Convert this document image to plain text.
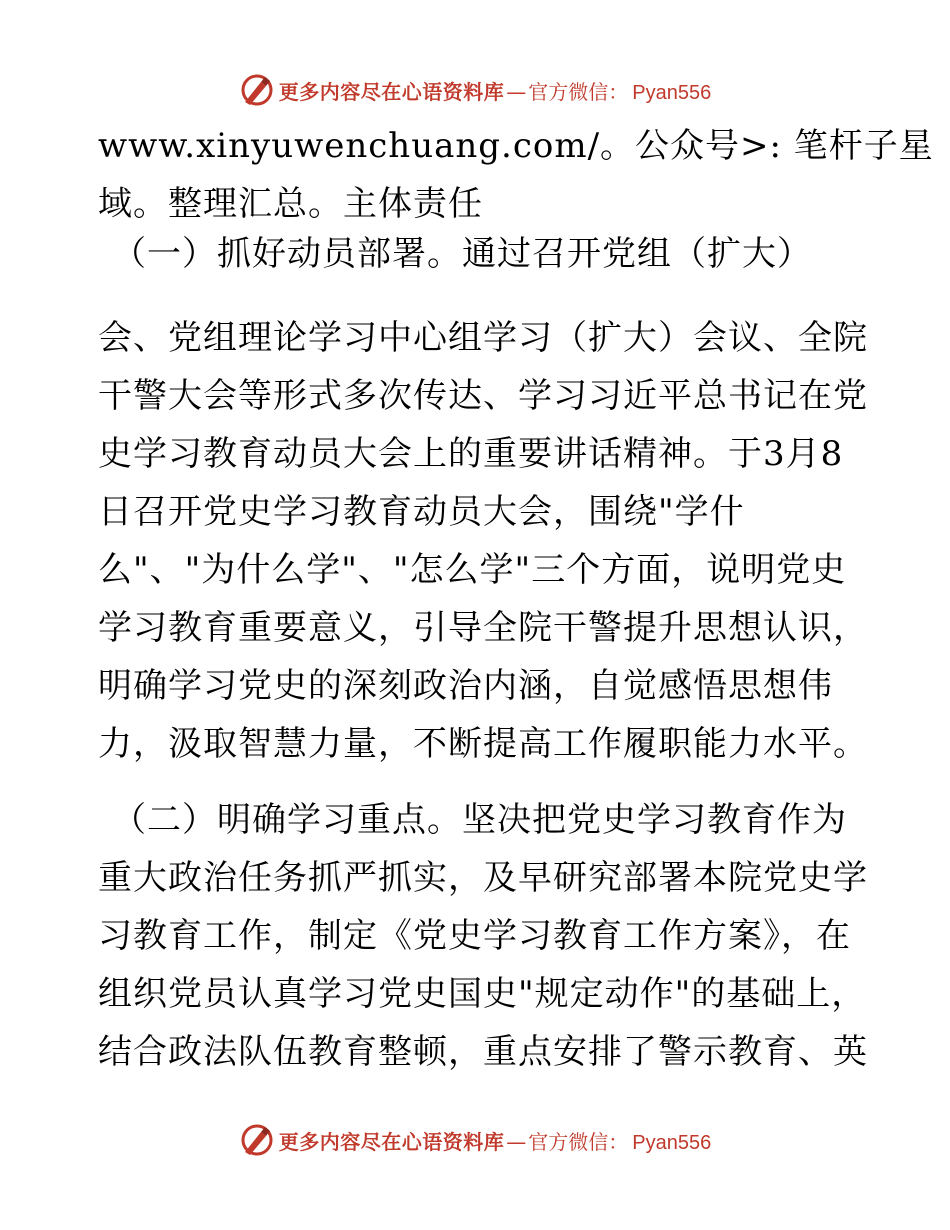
更多内容尽在心语资料库 — 官方微信： Pyan556
www.xinyuwenchuang.com/。公众号>: 笔杆子星
域。整理汇总。主体责任
（一）抓好动员部署。通过召开党组（扩大）
会、党组理论学习中心组学习（扩大）会议、全院
干警大会等形式多次传达、学习习近平总书记在党
史学习教育动员大会上的重要讲话精神。于3月8
日召开党史学习教育动员大会，围绕"学什
么"、"为什么学"、"怎么学"三个方面，说明党史
学习教育重要意义，引导全院干警提升思想认识，
明确学习党史的深刻政治内涵，自觉感悟思想伟
力，汲取智慧力量，不断提高工作履职能力水平。
（二）明确学习重点。坚决把党史学习教育作为
重大政治任务抓严抓实，及早研究部署本院党史学
习教育工作，制定《党史学习教育工作方案》，在
组织党员认真学习党史国史"规定动作"的基础上，
结合政法队伍教育整顿，重点安排了警示教育、英
更多内容尽在心语资料库 — 官方微信： Pyan556
